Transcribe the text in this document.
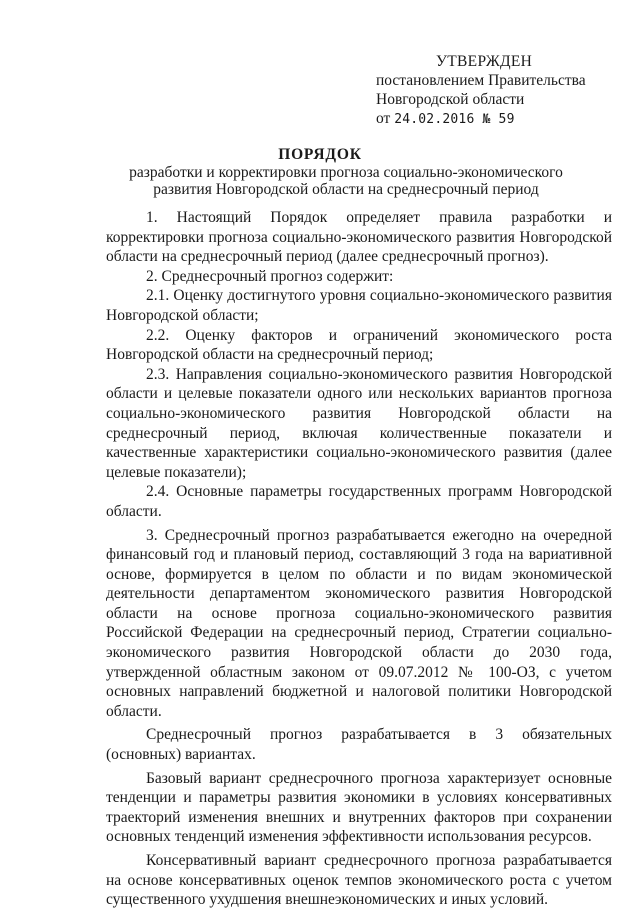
УТВЕРЖДЕН
постановлением Правительства
Новгородской области
от 24.02.2016 № 59
ПОРЯДОК
разработки и корректировки прогноза социально-экономического развития Новгородской области на среднесрочный период

1. Настоящий Порядок определяет правила разработки и корректировки прогноза социально-экономического развития Новгородской области на среднесрочный период (далее среднесрочный прогноз).

2. Среднесрочный прогноз содержит:

2.1. Оценку достигнутого уровня социально-экономического развития Новгородской области;

2.2. Оценку факторов и ограничений экономического роста Новгородской области на среднесрочный период;

2.3. Направления социально-экономического развития Новгородской области и целевые показатели одного или нескольких вариантов прогноза социально-экономического развития Новгородской области на среднесрочный период, включая количественные показатели и качественные характеристики социально-экономического развития (далее целевые показатели);

2.4. Основные параметры государственных программ Новгородской области.

3. Среднесрочный прогноз разрабатывается ежегодно на очередной финансовый год и плановый период, составляющий 3 года на вариативной основе, формируется в целом по области и по видам экономической деятельности департаментом экономического развития Новгородской области на основе прогноза социально-экономического развития Российской Федерации на среднесрочный период, Стратегии социально-экономического развития Новгородской области до 2030 года, утвержденной областным законом от 09.07.2012 № 100-ОЗ, с учетом основных направлений бюджетной и налоговой политики Новгородской области.

Среднесрочный прогноз разрабатывается в 3 обязательных (основных) вариантах.

Базовый вариант среднесрочного прогноза характеризует основные тенденции и параметры развития экономики в условиях консервативных траекторий изменения внешних и внутренних факторов при сохранении основных тенденций изменения эффективности использования ресурсов.

Консервативный вариант среднесрочного прогноза разрабатывается на основе консервативных оценок темпов экономического роста с учетом существенного ухудшения внешнеэкономических и иных условий.
